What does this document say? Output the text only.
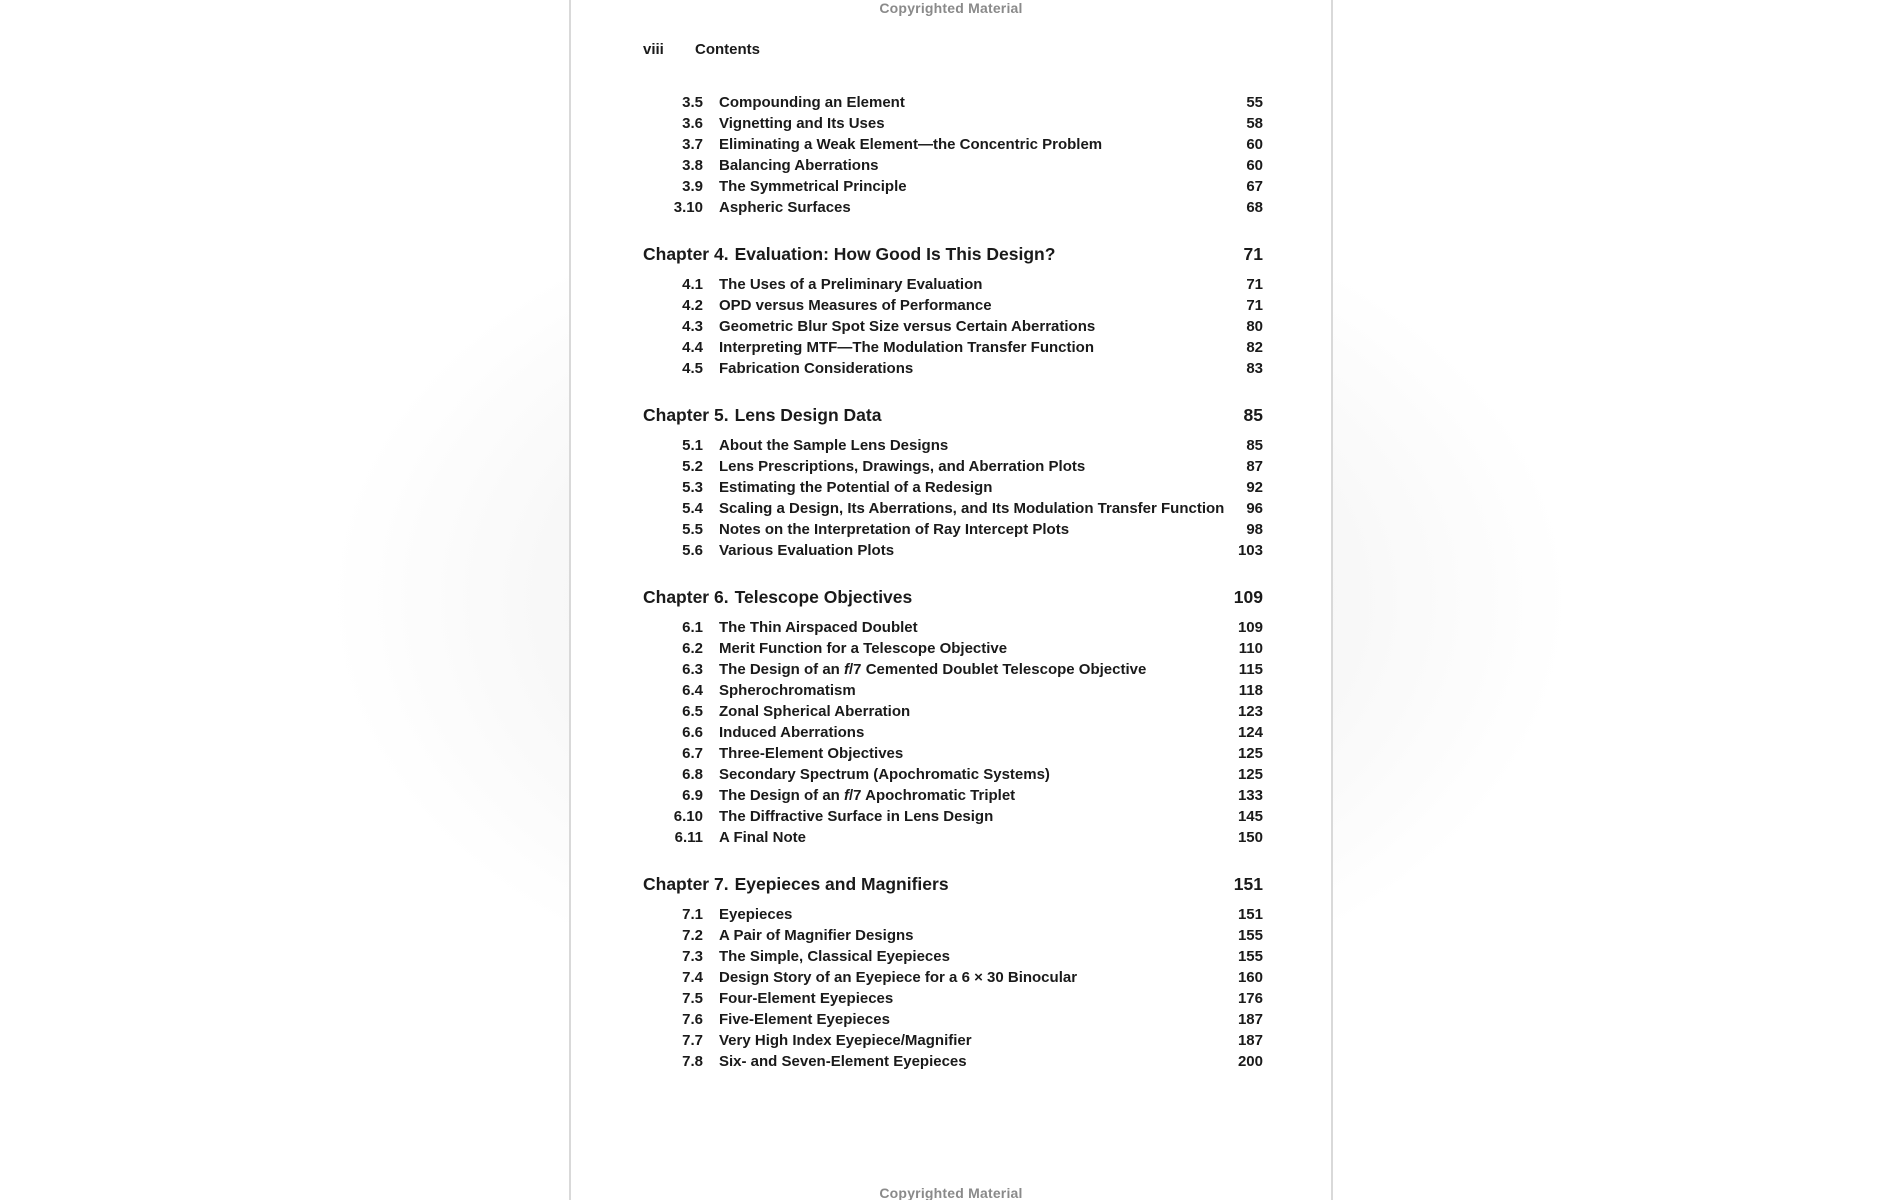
Copyrighted Material
viii Contents
3.5 Compounding an Element	55
3.6 Vignetting and Its Uses	58
3.7 Eliminating a Weak Element—the Concentric Problem	60
3.8 Balancing Aberrations	60
3.9 The Symmetrical Principle	67
3.10 Aspheric Surfaces	68
Chapter 4. Evaluation: How Good Is This Design?	71
4.1 The Uses of a Preliminary Evaluation	71
4.2 OPD versus Measures of Performance	71
4.3 Geometric Blur Spot Size versus Certain Aberrations	80
4.4 Interpreting MTF—The Modulation Transfer Function	82
4.5 Fabrication Considerations	83
Chapter 5. Lens Design Data	85
5.1 About the Sample Lens Designs	85
5.2 Lens Prescriptions, Drawings, and Aberration Plots	87
5.3 Estimating the Potential of a Redesign	92
5.4 Scaling a Design, Its Aberrations, and Its Modulation Transfer Function 96
5.5 Notes on the Interpretation of Ray Intercept Plots	98
5.6 Various Evaluation Plots	103
Chapter 6. Telescope Objectives	109
6.1 The Thin Airspaced Doublet	109
6.2 Merit Function for a Telescope Objective	110
6.3 The Design of an f/7 Cemented Doublet Telescope Objective	115
6.4 Spherochromatism	118
6.5 Zonal Spherical Aberration	123
6.6 Induced Aberrations	124
6.7 Three-Element Objectives	125
6.8 Secondary Spectrum (Apochromatic Systems)	125
6.9 The Design of an f/7 Apochromatic Triplet	133
6.10 The Diffractive Surface in Lens Design	145
6.11 A Final Note	150
Chapter 7. Eyepieces and Magnifiers	151
7.1 Eyepieces	151
7.2 A Pair of Magnifier Designs	155
7.3 The Simple, Classical Eyepieces	155
7.4 Design Story of an Eyepiece for a 6 × 30 Binocular	160
7.5 Four-Element Eyepieces	176
7.6 Five-Element Eyepieces	187
7.7 Very High Index Eyepiece/Magnifier	187
7.8 Six- and Seven-Element Eyepieces	200
Copyrighted Material
